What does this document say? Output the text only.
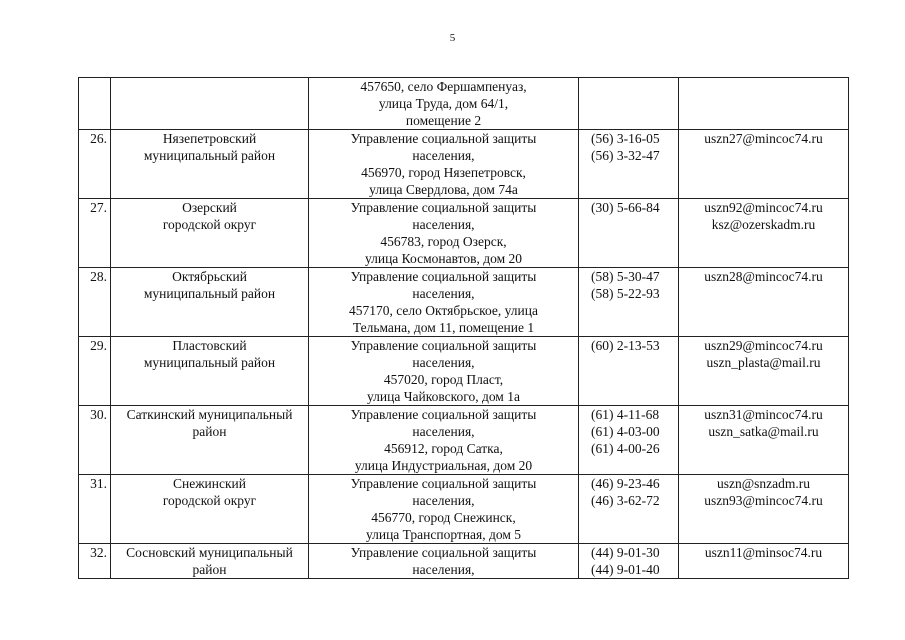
5

		457650, село Фершампенуаз,
улица Труда, дом 64/1,
помещение 2		

26.	Нязепетровский
муниципальный район	Управление социальной защиты
населения,
456970, город Нязепетровск,
улица Свердлова, дом 74а	(56) 3-16-05
(56) 3-32-47	uszn27@mincoc74.ru

27.	Озерский
городской округ	Управление социальной защиты
населения,
456783, город Озерск,
улица Космонавтов, дом 20	(30) 5-66-84	uszn92@mincoc74.ru
ksz@ozerskadm.ru

28.	Октябрьский
муниципальный район	Управление социальной защиты
населения,
457170, село Октябрьское, улица
Тельмана, дом 11, помещение 1	(58) 5-30-47
(58) 5-22-93	uszn28@mincoc74.ru

29.	Пластовский
муниципальный район	Управление социальной защиты
населения,
457020, город Пласт,
улица Чайковского, дом 1а	(60) 2-13-53	uszn29@mincoc74.ru
uszn_plasta@mail.ru

30.	Саткинский муниципальный
район	Управление социальной защиты
населения,
456912, город Сатка,
улица Индустриальная, дом 20	(61) 4-11-68
(61) 4-03-00
(61) 4-00-26	uszn31@mincoc74.ru
uszn_satka@mail.ru

31.	Снежинский
городской округ	Управление социальной защиты
населения,
456770, город Снежинск,
улица Транспортная, дом 5	(46) 9-23-46
(46) 3-62-72	uszn@snzadm.ru
uszn93@mincoc74.ru

32.	Сосновский муниципальный
район	Управление социальной защиты
населения,	(44) 9-01-30
(44) 9-01-40	uszn11@minsoc74.ru
